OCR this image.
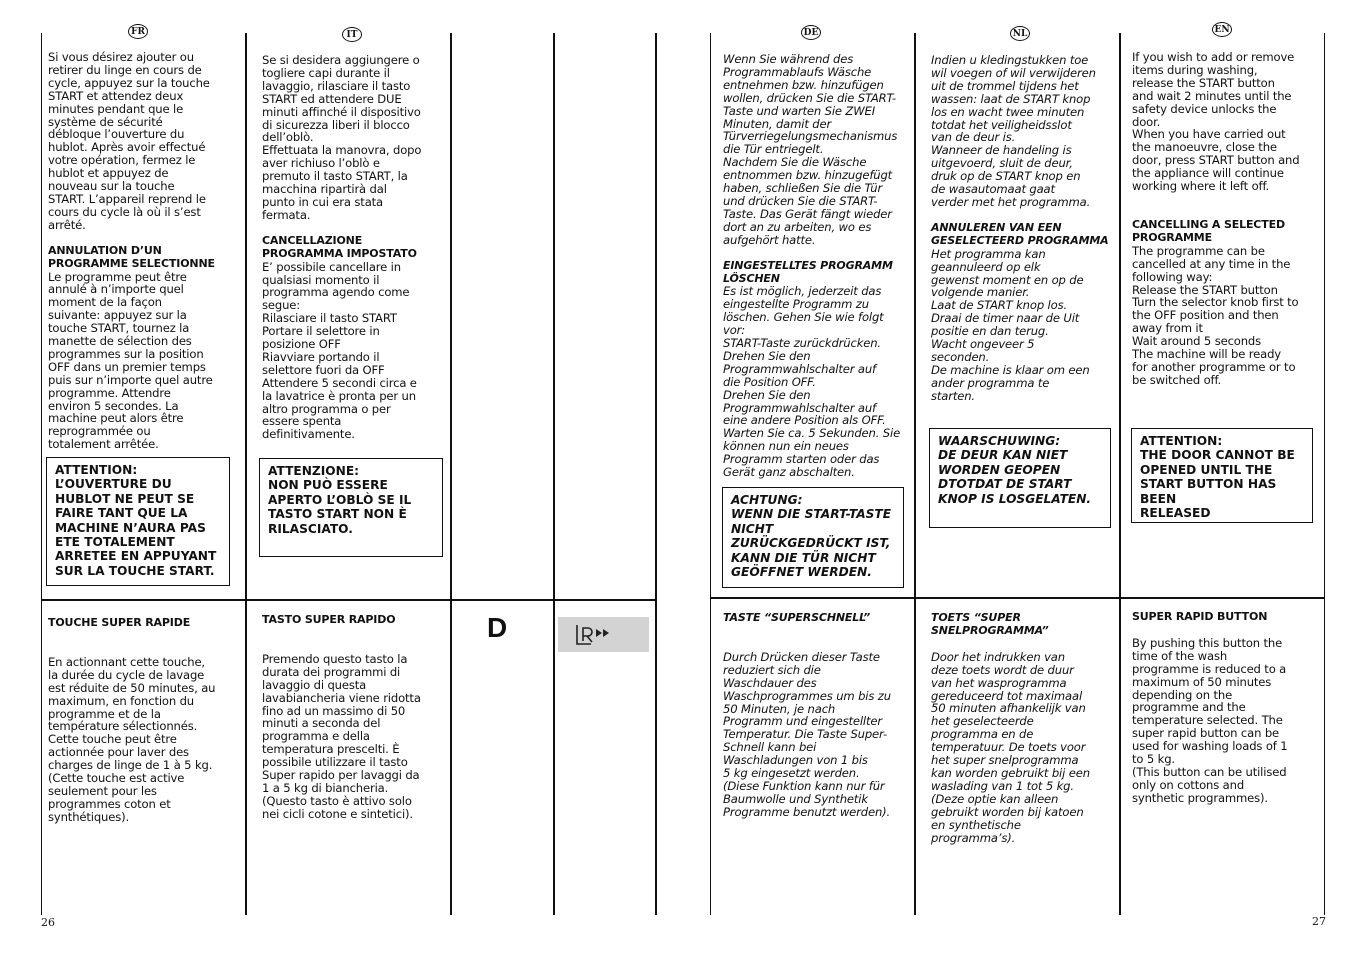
FR	IT	DE	NL	EN

Si vous désirez ajouter ou
retirer du linge en cours de
cycle, appuyez sur la touche
START et attendez deux
minutes pendant que le
système de sécurité
débloque l’ouverture du
hublot. Après avoir effectué
votre opération, fermez le
hublot et appuyez de
nouveau sur la touche
START. L’appareil reprend le
cours du cycle là où il s’est
arrêté.

ANNULATION D’UN
PROGRAMME SELECTIONNE

Le programme peut être
annulé à n’importe quel
moment de la façon
suivante: appuyez sur la
touche START, tournez la
manette de sélection des
programmes sur la position
OFF dans un premier temps
puis sur n’importe quel autre
programme. Attendre
environ 5 secondes. La
machine peut alors être
reprogrammée ou
totalement arrêtée.

ATTENTION:
L’OUVERTURE DU
HUBLOT NE PEUT SE
FAIRE TANT QUE LA
MACHINE N’AURA PAS
ETE TOTALEMENT
ARRETEE EN APPUYANT
SUR LA TOUCHE START.

TOUCHE SUPER RAPIDE

En actionnant cette touche,
la durée du cycle de lavage
est réduite de 50 minutes, au
maximum, en fonction du
programme et de la
température sélectionnés.
Cette touche peut être
actionnée pour laver des
charges de linge de 1 à 5 kg.
(Cette touche est active
seulement pour les
programmes coton et
synthétiques).

Se si desidera aggiungere o
togliere capi durante il
lavaggio, rilasciare il tasto
START ed attendere DUE
minuti affinché il dispositivo
di sicurezza liberi il blocco
dell’oblò.
Effettuata la manovra, dopo
aver richiuso l’oblò e
premuto il tasto START, la
macchina ripartirà dal
punto in cui era stata
fermata.

CANCELLAZIONE
PROGRAMMA IMPOSTATO

E’ possibile cancellare in
qualsiasi momento il
programma agendo come
segue:
Rilasciare il tasto START
Portare il selettore in
posizione OFF
Riavviare portando il
selettore fuori da OFF
Attendere 5 secondi circa e
la lavatrice è pronta per un
altro programma o per
essere spenta
definitivamente.

ATTENZIONE:
NON PUÒ ESSERE
APERTO L’OBLÒ SE IL
TASTO START NON È
RILASCIATO.

TASTO SUPER RAPIDO

Premendo questo tasto la
durata dei programmi di
lavaggio di questa
lavabiancheria viene ridotta
fino ad un massimo di 50
minuti a seconda del
programma e della
temperatura prescelti. È
possibile utilizzare il tasto
Super rapido per lavaggi da
1 a 5 kg di biancheria.
(Questo tasto è attivo solo
nei cicli cotone e sintetici).

D

Wenn Sie während des
Programmablaufs Wäsche
entnehmen bzw. hinzufügen
wollen, drücken Sie die START-
Taste und warten Sie ZWEI
Minuten, damit der
Türverriegelungsmechanismus
die Tür entriegelt.
Nachdem Sie die Wäsche
entnommen bzw. hinzugefügt
haben, schließen Sie die Tür
und drücken Sie die START-
Taste. Das Gerät fängt wieder
dort an zu arbeiten, wo es
aufgehört hatte.

EINGESTELLTES PROGRAMM
LÖSCHEN

Es ist möglich, jederzeit das
eingestellte Programm zu
löschen. Gehen Sie wie folgt
vor:
START-Taste zurückdrücken.
Drehen Sie den
Programmwahlschalter auf
die Position OFF.
Drehen Sie den
Programmwahlschalter auf
eine andere Position als OFF.
Warten Sie ca. 5 Sekunden. Sie
können nun ein neues
Programm starten oder das
Gerät ganz abschalten.

ACHTUNG:
WENN DIE START-TASTE
NICHT
ZURÜCKGEDRÜCKT IST,
KANN DIE TÜR NICHT
GEÖFFNET WERDEN.

TASTE “SUPERSCHNELL”

Durch Drücken dieser Taste
reduziert sich die
Waschdauer des
Waschprogrammes um bis zu
50 Minuten, je nach
Programm und eingestellter
Temperatur. Die Taste Super-
Schnell kann bei
Waschladungen von 1 bis
5 kg eingesetzt werden.
(Diese Funktion kann nur für
Baumwolle und Synthetik
Programme benutzt werden).

Indien u kledingstukken toe
wil voegen of wil verwijderen
uit de trommel tijdens het
wassen: laat de START knop
los en wacht twee minuten
totdat het veiligheidsslot
van de deur is.
Wanneer de handeling is
uitgevoerd, sluit de deur,
druk op de START knop en
de wasautomaat gaat
verder met het programma.

ANNULEREN VAN EEN
GESELECTEERD PROGRAMMA

Het programma kan
geannuleerd op elk
gewenst moment en op de
volgende manier.
Laat de START knop los.
Draai de timer naar de Uit
positie en dan terug.
Wacht ongeveer 5
seconden.
De machine is klaar om een
ander programma te
starten.

WAARSCHUWING:
DE DEUR KAN NIET
WORDEN GEOPEN
DTOTDAT DE START
KNOP IS LOSGELATEN.

TOETS “SUPER
SNELPROGRAMMA”

Door het indrukken van
deze toets wordt de duur
van het wasprogramma
gereduceerd tot maximaal
50 minuten afhankelijk van
het geselecteerde
programma en de
temperatuur. De toets voor
het super snelprogramma
kan worden gebruikt bij een
waslading van 1 tot 5 kg.
(Deze optie kan alleen
gebruikt worden bij katoen
en synthetische
programma’s).

If you wish to add or remove
items during washing,
release the START button
and wait 2 minutes until the
safety device unlocks the
door.
When you have carried out
the manoeuvre, close the
door, press START button and
the appliance will continue
working where it left off.

CANCELLING A SELECTED
PROGRAMME

The programme can be
cancelled at any time in the
following way:
Release the START button
Turn the selector knob first to
the OFF position and then
away from it
Wait around 5 seconds
The machine will be ready
for another programme or to
be switched off.

ATTENTION:
THE DOOR CANNOT BE
OPENED UNTIL THE
START BUTTON HAS BEEN
RELEASED

SUPER RAPID BUTTON

By pushing this button the
time of the wash
programme is reduced to a
maximum of 50 minutes
depending on the
programme and the
temperature selected. The
super rapid button can be
used for washing loads of 1
to 5 kg.
(This button can be utilised
only on cottons and
synthetic programmes).

26	27
